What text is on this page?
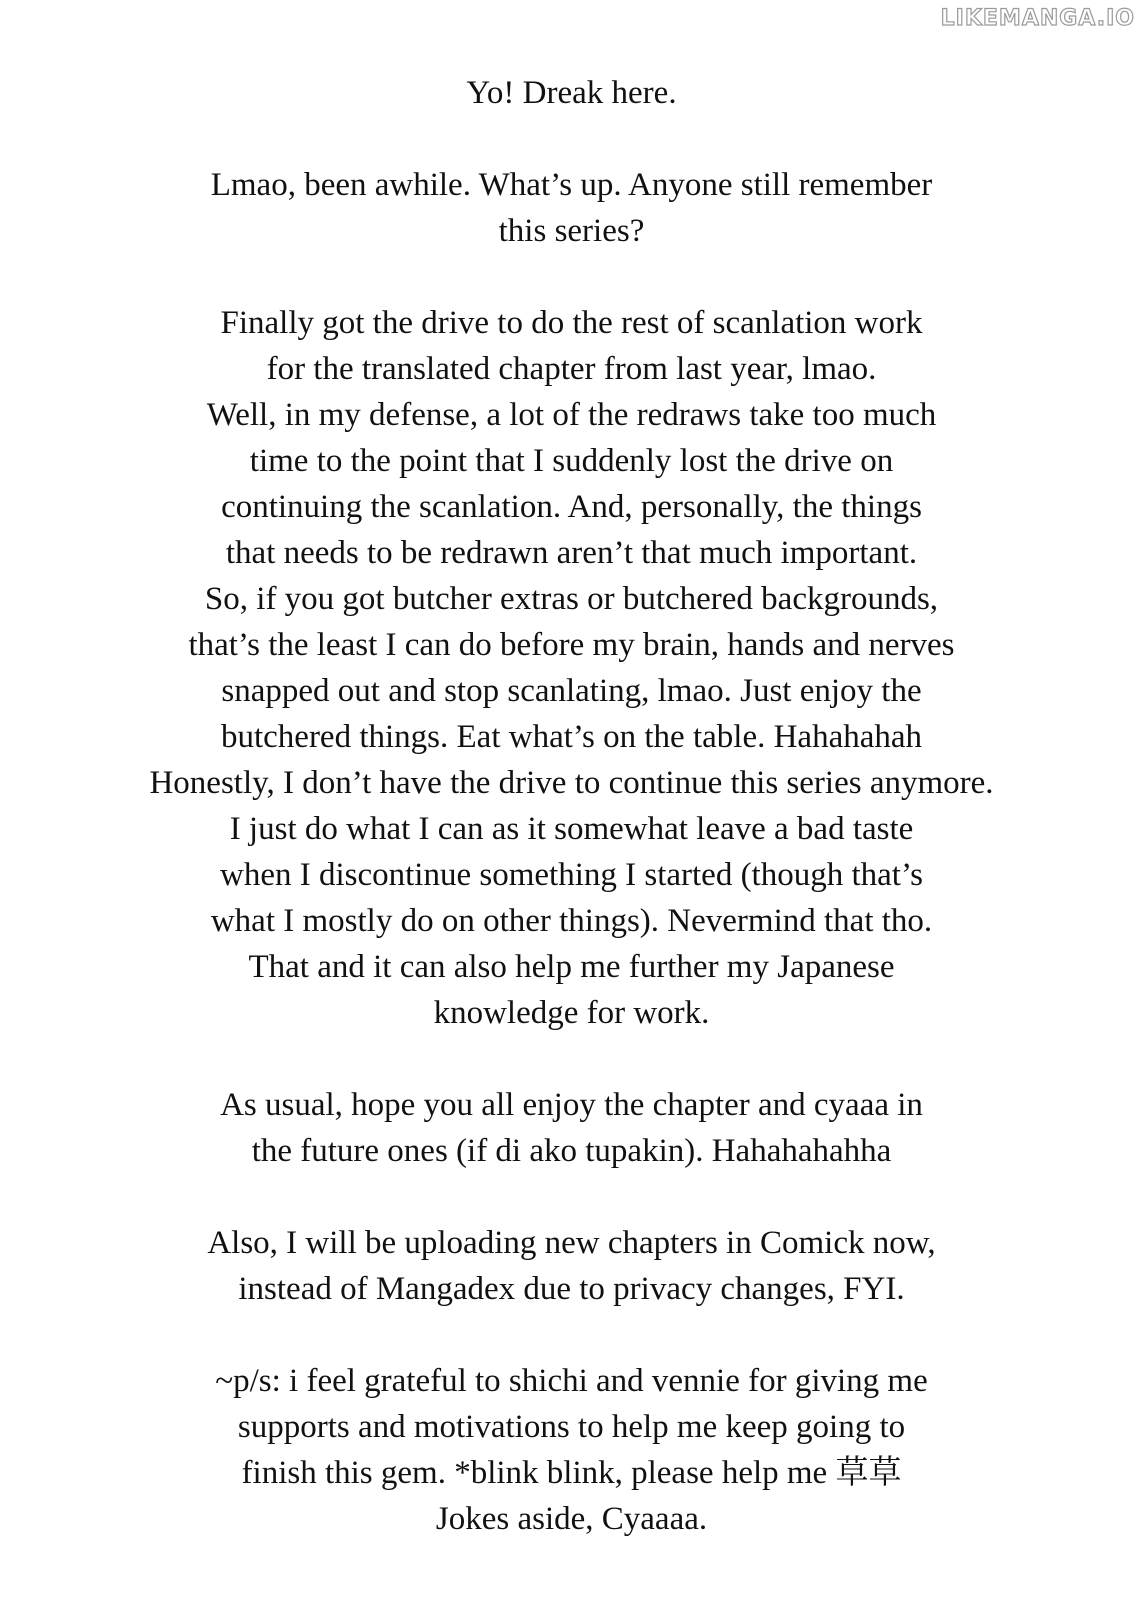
LIKEMANGA.IO

Yo! Dreak here.

Lmao, been awhile. What’s up. Anyone still remember
this series?

Finally got the drive to do the rest of scanlation work
for the translated chapter from last year, lmao.
Well, in my defense, a lot of the redraws take too much
time to the point that I suddenly lost the drive on
continuing the scanlation. And, personally, the things
that needs to be redrawn aren’t that much important.
So, if you got butcher extras or butchered backgrounds,
that’s the least I can do before my brain, hands and nerves
snapped out and stop scanlating, lmao. Just enjoy the
butchered things. Eat what’s on the table. Hahahahah
Honestly, I don’t have the drive to continue this series anymore.
I just do what I can as it somewhat leave a bad taste
when I discontinue something I started (though that’s
what I mostly do on other things). Nevermind that tho.
That and it can also help me further my Japanese
knowledge for work.

As usual, hope you all enjoy the chapter and cyaaa in
the future ones (if di ako tupakin). Hahahahahha

Also, I will be uploading new chapters in Comick now,
instead of Mangadex due to privacy changes, FYI.

~p/s: i feel grateful to shichi and vennie for giving me
supports and motivations to help me keep going to
finish this gem. *blink blink, please help me 草草
Jokes aside, Cyaaaa.
